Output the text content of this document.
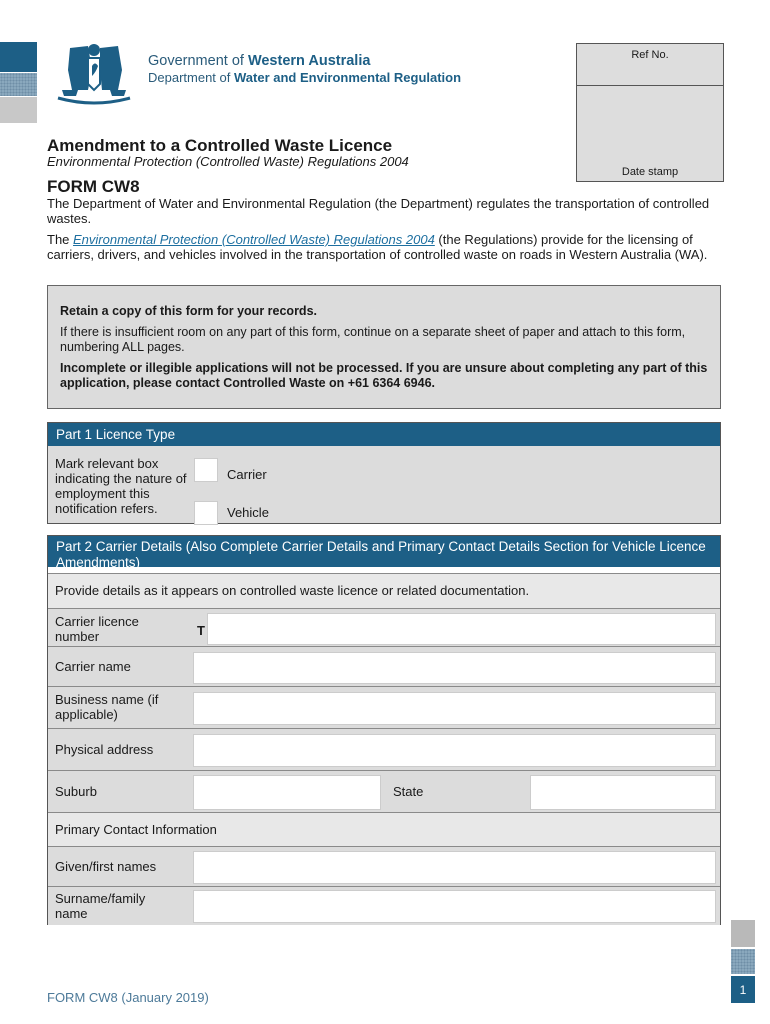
Government of Western Australia
Department of Water and Environmental Regulation
Ref No.
Date stamp
Amendment to a Controlled Waste Licence
Environmental Protection (Controlled Waste) Regulations 2004
FORM CW8
The Department of Water and Environmental Regulation (the Department) regulates the transportation of controlled wastes.
The Environmental Protection (Controlled Waste) Regulations 2004 (the Regulations) provide for the licensing of carriers, drivers, and vehicles involved in the transportation of controlled waste on roads in Western Australia (WA).

Retain a copy of this form for your records.

If there is insufficient room on any part of this form, continue on a separate sheet of paper and attach to this form, numbering ALL pages.

Incomplete or illegible applications will not be processed. If you are unsure about completing any part of this application, please contact Controlled Waste on +61 6364 6946.

Part 1 Licence Type
Mark relevant box indicating the nature of employment this notification refers.
Carrier
Vehicle
Part 2 Carrier Details (Also Complete Carrier Details and Primary Contact Details Section for Vehicle Licence Amendments)
Provide details as it appears on controlled waste licence or related documentation.
Carrier licence number	T
Carrier name
Business name (if applicable)
Physical address
Suburb	State
Primary Contact Information
Given/first names
Surname/family name
FORM CW8 (January 2019)
1
